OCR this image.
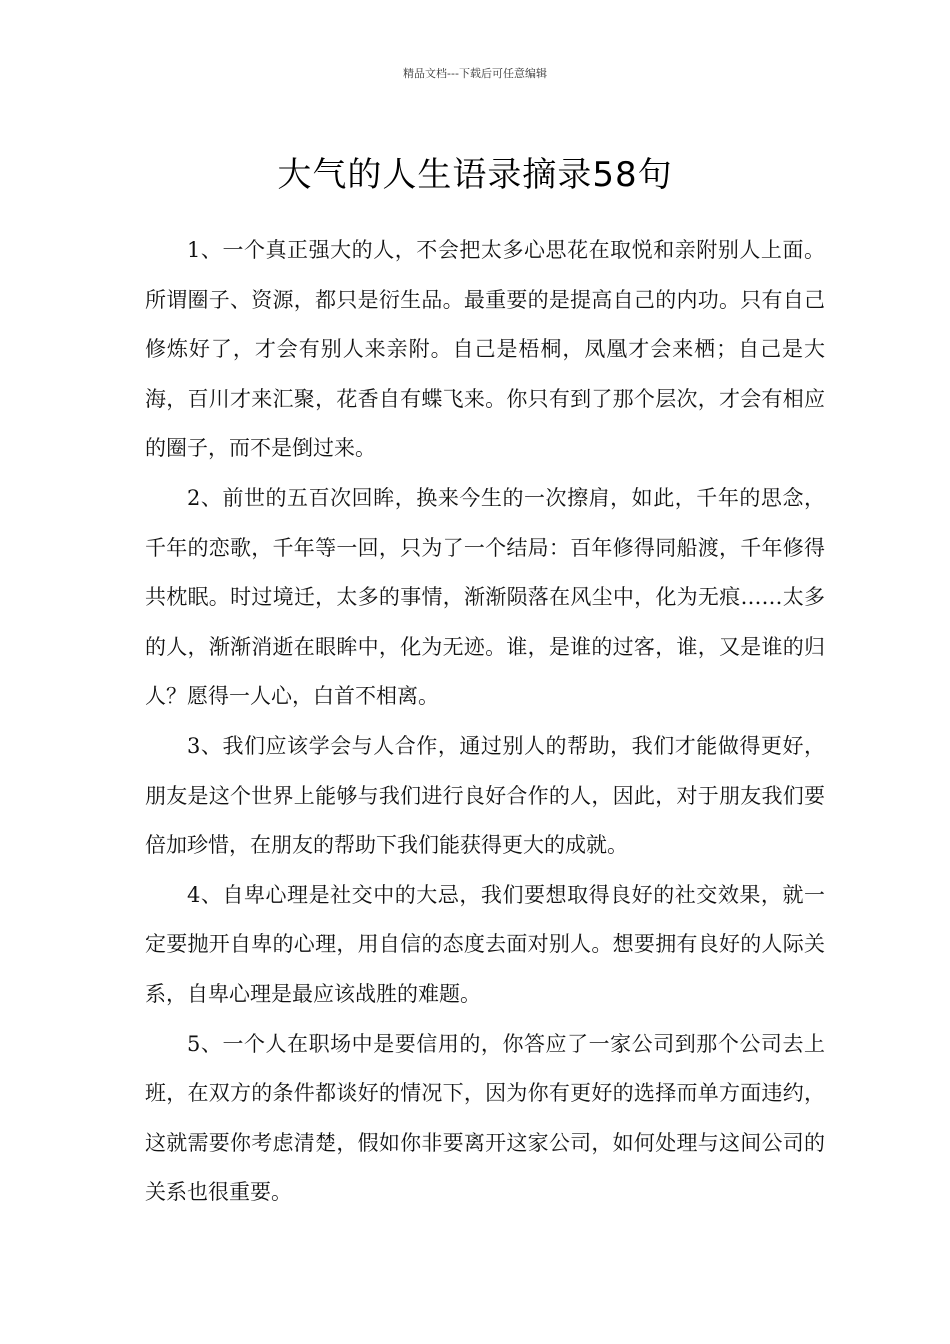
精品文档---下载后可任意编辑
大气的人生语录摘录58句

1、一个真正强大的人，不会把太多心思花在取悦和亲附别人上面。所谓圈子、资源，都只是衍生品。最重要的是提高自己的内功。只有自己修炼好了，才会有别人来亲附。自己是梧桐，凤凰才会来栖；自己是大海，百川才来汇聚，花香自有蝶飞来。你只有到了那个层次，才会有相应的圈子，而不是倒过来。

2、前世的五百次回眸，换来今生的一次擦肩，如此，千年的思念，千年的恋歌，千年等一回，只为了一个结局：百年修得同船渡，千年修得共枕眠。时过境迁，太多的事情，渐渐陨落在风尘中，化为无痕……太多的人，渐渐消逝在眼眸中，化为无迹。谁，是谁的过客，谁，又是谁的归人？愿得一人心，白首不相离。

3、我们应该学会与人合作，通过别人的帮助，我们才能做得更好，朋友是这个世界上能够与我们进行良好合作的人，因此，对于朋友我们要倍加珍惜，在朋友的帮助下我们能获得更大的成就。

4、自卑心理是社交中的大忌，我们要想取得良好的社交效果，就一定要抛开自卑的心理，用自信的态度去面对别人。想要拥有良好的人际关系，自卑心理是最应该战胜的难题。

5、一个人在职场中是要信用的，你答应了一家公司到那个公司去上班，在双方的条件都谈好的情况下，因为你有更好的选择而单方面违约，这就需要你考虑清楚，假如你非要离开这家公司，如何处理与这间公司的关系也很重要。
